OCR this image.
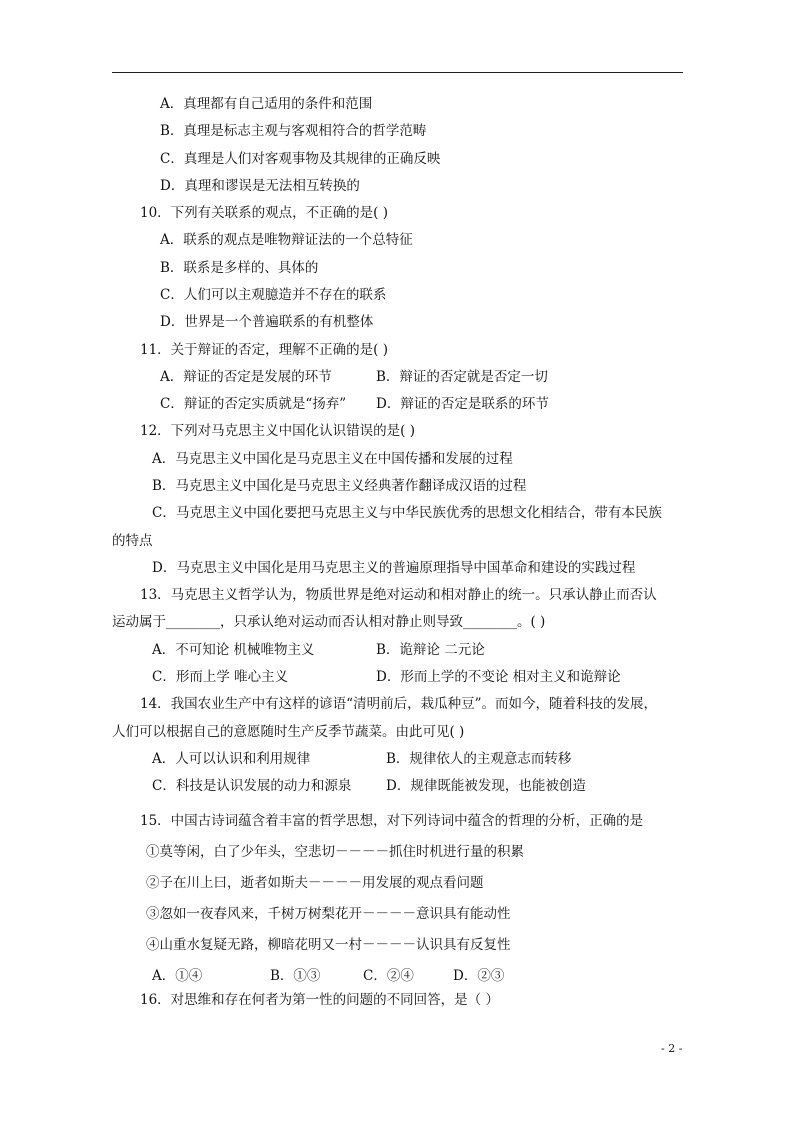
A．真理都有自己适用的条件和范围
B．真理是标志主观与客观相符合的哲学范畴
C．真理是人们对客观事物及其规律的正确反映
D．真理和谬误是无法相互转换的
10．下列有关联系的观点，不正确的是( )
A．联系的观点是唯物辩证法的一个总特征
B．联系是多样的、具体的
C．人们可以主观臆造并不存在的联系
D．世界是一个普遍联系的有机整体
11．关于辩证的否定，理解不正确的是( )
A．辩证的否定是发展的环节	B．辩证的否定就是否定一切
C．辩证的否定实质就是“扬弃” D．辩证的否定是联系的环节
12．下列对马克思主义中国化认识错误的是( )
A．马克思主义中国化是马克思主义在中国传播和发展的过程
B．马克思主义中国化是马克思主义经典著作翻译成汉语的过程
C．马克思主义中国化要把马克思主义与中华民族优秀的思想文化相结合，带有本民族
的特点
D．马克思主义中国化是用马克思主义的普遍原理指导中国革命和建设的实践过程
13．马克思主义哲学认为，物质世界是绝对运动和相对静止的统一。只承认静止而否认
运动属于________，只承认绝对运动而否认相对静止则导致________。( )
A．不可知论 机械唯物主义	B．诡辩论 二元论
C．形而上学 唯心主义	D．形而上学的不变论 相对主义和诡辩论
14．我国农业生产中有这样的谚语“清明前后，栽瓜种豆”。而如今，随着科技的发展，
人们可以根据自己的意愿随时生产反季节蔬菜。由此可见( )
A．人可以认识和利用规律	B．规律依人的主观意志而转移
C．科技是认识发展的动力和源泉	D．规律既能被发现，也能被创造
15．中国古诗词蕴含着丰富的哲学思想，对下列诗词中蕴含的哲理的分析，正确的是
①莫等闲，白了少年头，空悲切－－－－抓住时机进行量的积累
②子在川上曰，逝者如斯夫－－－－用发展的观点看问题
③忽如一夜春风来，千树万树梨花开－－－－意识具有能动性
④山重水复疑无路，柳暗花明又一村－－－－认识具有反复性
A．①④	B．①③	C．②④	D．②③
16．对思维和存在何者为第一性的问题的不同回答，是（ ）
- 2 -
